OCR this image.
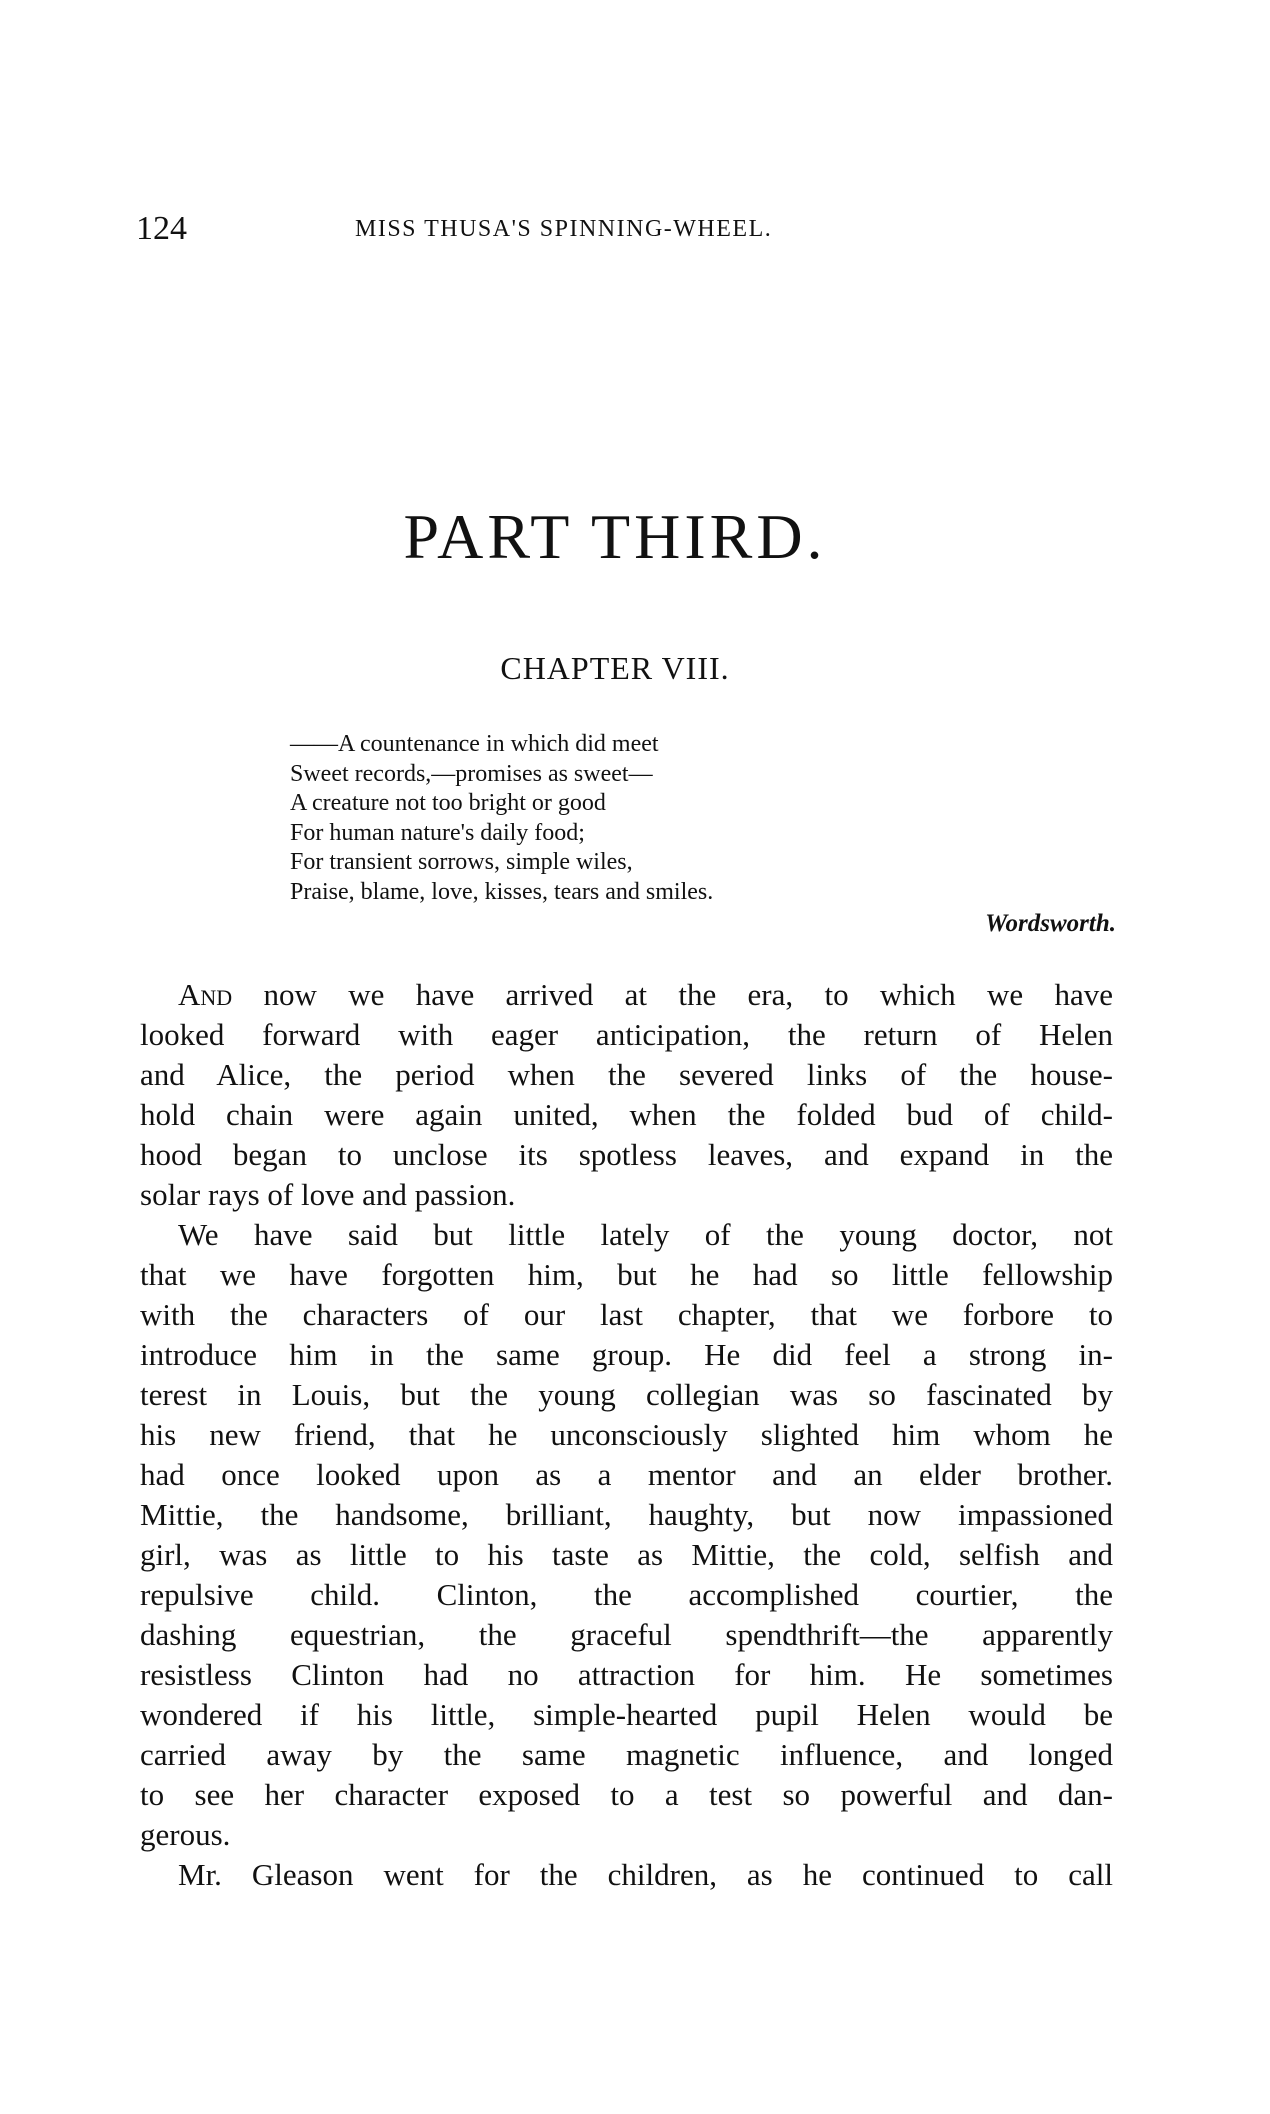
124	MISS THUSA'S SPINNING-WHEEL.
PART THIRD.
CHAPTER VIII.
——A countenance in which did meet
Sweet records,—promises as sweet—
A creature not too bright or good
For human nature's daily food;
For transient sorrows, simple wiles,
Praise, blame, love, kisses, tears and smiles.
Wordsworth.
And now we have arrived at the era, to which we have
looked forward with eager anticipation, the return of Helen
and Alice, the period when the severed links of the house-
hold chain were again united, when the folded bud of child-
hood began to unclose its spotless leaves, and expand in the
solar rays of love and passion.
We have said but little lately of the young doctor, not
that we have forgotten him, but he had so little fellowship
with the characters of our last chapter, that we forbore to
introduce him in the same group. He did feel a strong in-
terest in Louis, but the young collegian was so fascinated by
his new friend, that he unconsciously slighted him whom he
had once looked upon as a mentor and an elder brother.
Mittie, the handsome, brilliant, haughty, but now impassioned
girl, was as little to his taste as Mittie, the cold, selfish and
repulsive child. Clinton, the accomplished courtier, the
dashing equestrian, the graceful spendthrift—the apparently
resistless Clinton had no attraction for him. He sometimes
wondered if his little, simple-hearted pupil Helen would be
carried away by the same magnetic influence, and longed
to see her character exposed to a test so powerful and dan-
gerous.
Mr. Gleason went for the children, as he continued to call
